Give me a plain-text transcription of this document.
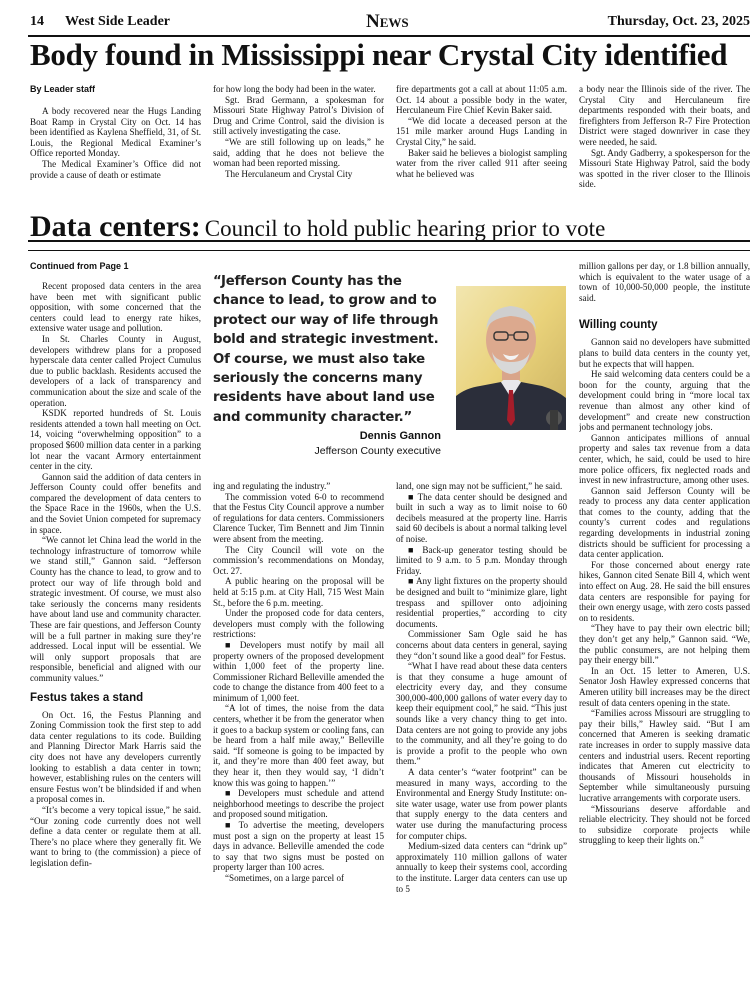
14 West Side Leader	News	Thursday, Oct. 23, 2025
Body found in Mississippi near Crystal City identified

By Leader staff

A body recovered near the Hugs Landing Boat Ramp in Crystal City on Oct. 14 has been identified as Kaylena Sheffield, 31, of St. Louis, the Regional Medical Examiner’s Office reported Monday.

The Medical Examiner’s Office did not provide a cause of death or estimate

for how long the body had been in the water.

Sgt. Brad Germann, a spokesman for Missouri State Highway Patrol’s Division of Drug and Crime Control, said the division is still actively investigating the case.

“We are still following up on leads,” he said, adding that he does not believe the woman had been reported missing.

The Herculaneum and Crystal City

fire departments got a call at about 11:05 a.m. Oct. 14 about a possible body in the water, Herculaneum Fire Chief Kevin Baker said.

“We did locate a deceased person at the 151 mile marker around Hugs Landing in Crystal City,” he said.

Baker said he believes a biologist sampling water from the river called 911 after seeing what he believed was

a body near the Illinois side of the river. The Crystal City and Herculaneum fire departments responded with their boats, and firefighters from Jefferson R-7 Fire Protection District were staged downriver in case they were needed, he said.

Sgt. Andy Gadberry, a spokesperson for the Missouri State Highway Patrol, said the body was spotted in the river closer to the Illinois side.

Data centers: Council to hold public hearing prior to vote

Continued from Page 1

Recent proposed data centers in the area have been met with significant public opposition, with some concerned that the centers could lead to energy rate hikes, extensive water usage and pollution.

In St. Charles County in August, developers withdrew plans for a proposed hyperscale data center called Project Cumulus due to public backlash. Residents accused the developers of a lack of transparency and communication about the size and scale of the operation.

KSDK reported hundreds of St. Louis residents attended a town hall meeting on Oct. 14, voicing “overwhelming opposition” to a proposed $600 million data center in a parking lot near the vacant Armory entertainment center in the city.

Gannon said the addition of data centers in Jefferson County could offer benefits and compared the development of data centers to the Space Race in the 1960s, when the U.S. and the Soviet Union competed for supremacy in space.

“We cannot let China lead the world in the technology infrastructure of tomorrow while we stand still,” Gannon said. “Jefferson County has the chance to lead, to grow and to protect our way of life through bold and strategic investment. Of course, we must also take seriously the concerns many residents have about land use and community character. These are fair questions, and Jefferson County will be a full partner in making sure they’re addressed. Local input will be essential. We will only support proposals that are responsible, beneficial and aligned with our community values.”

Festus takes a stand

On Oct. 16, the Festus Planning and Zoning Commission took the first step to add data center regulations to its code. Building and Planning Director Mark Harris said the city does not have any developers currently looking to establish a data center in town; however, establishing rules on the centers will ensure Festus won’t be blindsided if and when a proposal comes in.

“It’s become a very topical issue,” he said. “Our zoning code currently does not well define a data center or regulate them at all. There’s no place where they generally fit. We want to bring to (the commission) a piece of legislation defin-

“Jefferson County has the chance to lead, to grow and to protect our way of life through bold and strategic investment. Of course, we must also take seriously the concerns many residents have about land use and community character.”
Dennis Gannon
Jefferson County executive

ing and regulating the industry.”

The commission voted 6-0 to recommend that the Festus City Council approve a number of regulations for data centers. Commissioners Clarence Tucker, Tim Bennett and Jim Tinnin were absent from the meeting.

The City Council will vote on the commission’s recommendations on Monday, Oct. 27.

A public hearing on the proposal will be held at 5:15 p.m. at City Hall, 715 West Main St., before the 6 p.m. meeting.

Under the proposed code for data centers, developers must comply with the following restrictions:

■ Developers must notify by mail all property owners of the proposed development within 1,000 feet of the property line. Commissioner Richard Belleville amended the code to change the distance from 400 feet to a minimum of 1,000 feet.

“A lot of times, the noise from the data centers, whether it be from the generator when it goes to a backup system or cooling fans, can be heard from a half mile away,” Belleville said. “If someone is going to be impacted by it, and they’re more than 400 feet away, but they hear it, then they would say, ‘I didn’t know this was going to happen.’”

■ Developers must schedule and attend neighborhood meetings to describe the project and proposed sound mitigation.

■ To advertise the meeting, developers must post a sign on the property at least 15 days in advance. Belleville amended the code to say that two signs must be posted on property larger than 100 acres.

“Sometimes, on a large parcel of

land, one sign may not be sufficient,” he said.

■ The data center should be designed and built in such a way as to limit noise to 60 decibels measured at the property line. Harris said 60 decibels is about a normal talking level of noise.

■ Back-up generator testing should be limited to 9 a.m. to 5 p.m. Monday through Friday.

■ Any light fixtures on the property should be designed and built to “minimize glare, light trespass and spillover onto adjoining residential properties,” according to city documents.

Commissioner Sam Ogle said he has concerns about data centers in general, saying they “don’t sound like a good deal” for Festus.

“What I have read about these data centers is that they consume a huge amount of electricity every day, and they consume 300,000-400,000 gallons of water every day to keep their equipment cool,” he said. “This just sounds like a very chancy thing to get into. Data centers are not going to provide any jobs to the community, and all they’re going to do is provide a profit to the people who own them.”

A data center’s “water footprint” can be measured in many ways, according to the Environmental and Energy Study Institute: on-site water usage, water use from power plants that supply energy to the data centers and water use during the manufacturing process for computer chips.

Medium-sized data centers can “drink up” approximately 110 million gallons of water annually to keep their systems cool, according to the institute. Larger data centers can use up to 5

million gallons per day, or 1.8 billion annually, which is equivalent to the water usage of a town of 10,000-50,000 people, the institute said.

Willing county

Gannon said no developers have submitted plans to build data centers in the county yet, but he expects that will happen.

He said welcoming data centers could be a boon for the county, arguing that the development could bring in “more local tax revenue than almost any other kind of development” and create new construction jobs and permanent technology jobs.

Gannon anticipates millions of annual property and sales tax revenue from a data center, which, he said, could be used to hire more police officers, fix neglected roads and invest in new infrastructure, among other uses.

Gannon said Jefferson County will be ready to process any data center application that comes to the county, adding that the county’s current codes and regulations regarding developments in industrial zoning districts should be sufficient for processing a data center application.

For those concerned about energy rate hikes, Gannon cited Senate Bill 4, which went into effect on Aug. 28. He said the bill ensures data centers are responsible for paying for their own energy usage, with zero costs passed on to residents.

“They have to pay their own electric bill; they don’t get any help,” Gannon said. “We, the public consumers, are not helping them pay their energy bill.”

In an Oct. 15 letter to Ameren, U.S. Senator Josh Hawley expressed concerns that Ameren utility bill increases may be the direct result of data centers opening in the state.

“Families across Missouri are struggling to pay their bills,” Hawley said. “But I am concerned that Ameren is seeking dramatic rate increases in order to supply massive data centers and industrial users. Recent reporting indicates that Ameren cut electricity to thousands of Missouri households in September while simultaneously pursuing lucrative arrangements with corporate users.

“Missourians deserve affordable and reliable electricity. They should not be forced to subsidize corporate projects while struggling to keep their lights on.”
